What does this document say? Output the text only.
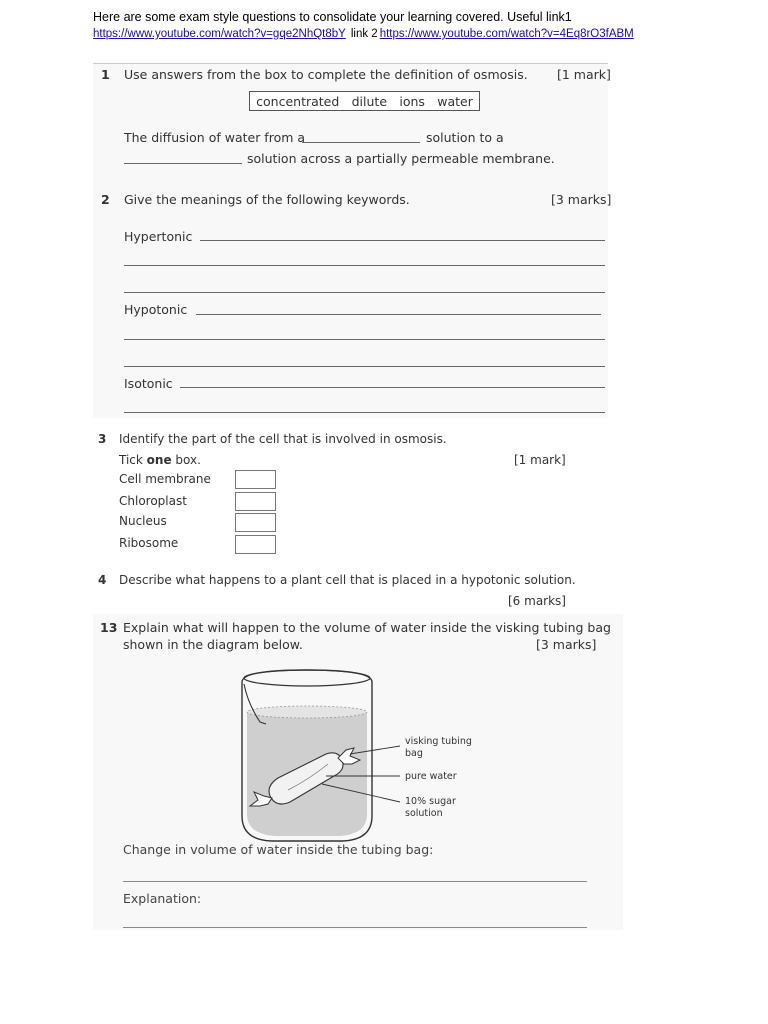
Here are some exam style questions to consolidate your learning covered. Useful link1
https://www.youtube.com/watch?v=gqe2NhQt8bY link 2 https://www.youtube.com/watch?v=4Eq8rO3fABM
1 Use answers from the box to complete the definition of osmosis. [1 mark]
concentrated dilute ions water
The diffusion of water from a	solution to a
solution across a partially permeable membrane.
2 Give the meanings of the following keywords.	[3 marks]
Hypertonic
Hypotonic
Isotonic
3 Identify the part of the cell that is involved in osmosis.
Tick one box.	[1 mark]
Cell membrane
Chloroplast
Nucleus
Ribosome
4 Describe what happens to a plant cell that is placed in a hypotonic solution.
[6 marks]
13 Explain what will happen to the volume of water inside the visking tubing bag
shown in the diagram below.	[3 marks]
visking tubing
bag
pure water
10% sugar
solution
Change in volume of water inside the tubing bag:
Explanation:
